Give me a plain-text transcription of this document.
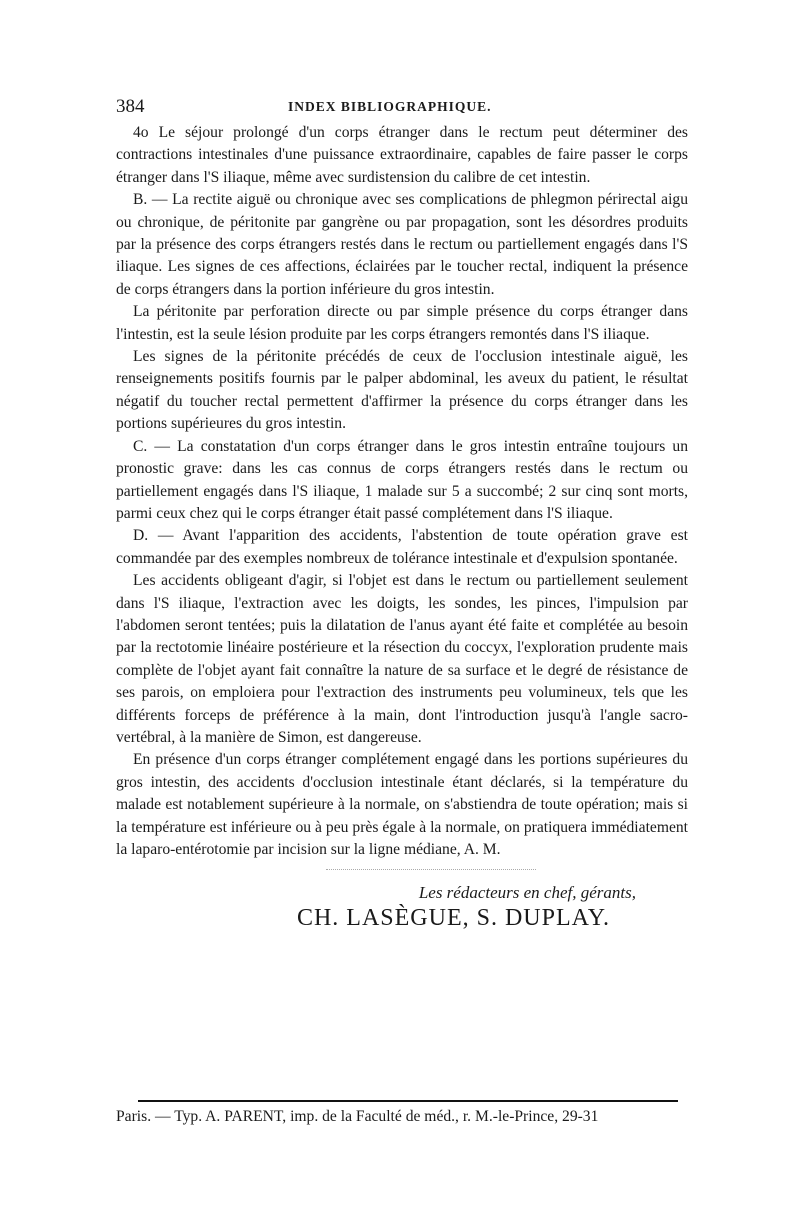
384	INDEX BIBLIOGRAPHIQUE.

4o Le séjour prolongé d'un corps étranger dans le rectum peut déterminer des contractions intestinales d'une puissance extraordinaire, capables de faire passer le corps étranger dans l'S iliaque, même avec surdistension du calibre de cet intestin.

B. — La rectite aiguë ou chronique avec ses complications de phlegmon périrectal aigu ou chronique, de péritonite par gangrène ou par propagation, sont les désordres produits par la présence des corps étrangers restés dans le rectum ou partiellement engagés dans l'S iliaque. Les signes de ces affections, éclairées par le toucher rectal, indiquent la présence de corps étrangers dans la portion inférieure du gros intestin.

La péritonite par perforation directe ou par simple présence du corps étranger dans l'intestin, est la seule lésion produite par les corps étrangers remontés dans l'S iliaque.

Les signes de la péritonite précédés de ceux de l'occlusion intestinale aiguë, les renseignements positifs fournis par le palper abdominal, les aveux du patient, le résultat négatif du toucher rectal permettent d'affirmer la présence du corps étranger dans les portions supérieures du gros intestin.

C. — La constatation d'un corps étranger dans le gros intestin entraîne toujours un pronostic grave: dans les cas connus de corps étrangers restés dans le rectum ou partiellement engagés dans l'S iliaque, 1 malade sur 5 a succombé; 2 sur cinq sont morts, parmi ceux chez qui le corps étranger était passé complétement dans l'S iliaque.

D. — Avant l'apparition des accidents, l'abstention de toute opération grave est commandée par des exemples nombreux de tolérance intestinale et d'expulsion spontanée.

Les accidents obligeant d'agir, si l'objet est dans le rectum ou partiellement seulement dans l'S iliaque, l'extraction avec les doigts, les sondes, les pinces, l'impulsion par l'abdomen seront tentées; puis la dilatation de l'anus ayant été faite et complétée au besoin par la rectotomie linéaire postérieure et la résection du coccyx, l'exploration prudente mais complète de l'objet ayant fait connaître la nature de sa surface et le degré de résistance de ses parois, on emploiera pour l'extraction des instruments peu volumineux, tels que les différents forceps de préférence à la main, dont l'introduction jusqu'à l'angle sacro-vertébral, à la manière de Simon, est dangereuse.

En présence d'un corps étranger complétement engagé dans les portions supérieures du gros intestin, des accidents d'occlusion intestinale étant déclarés, si la température du malade est notablement supérieure à la normale, on s'abstiendra de toute opération; mais si la température est inférieure ou à peu près égale à la normale, on pratiquera immédiatement la laparo-entérotomie par incision sur la ligne médiane, A. M.

Les rédacteurs en chef, gérants,
CH. LASÈGUE, S. DUPLAY.
Paris. — Typ. A. PARENT, imp. de la Faculté de méd., r. M.-le-Prince, 29-31
